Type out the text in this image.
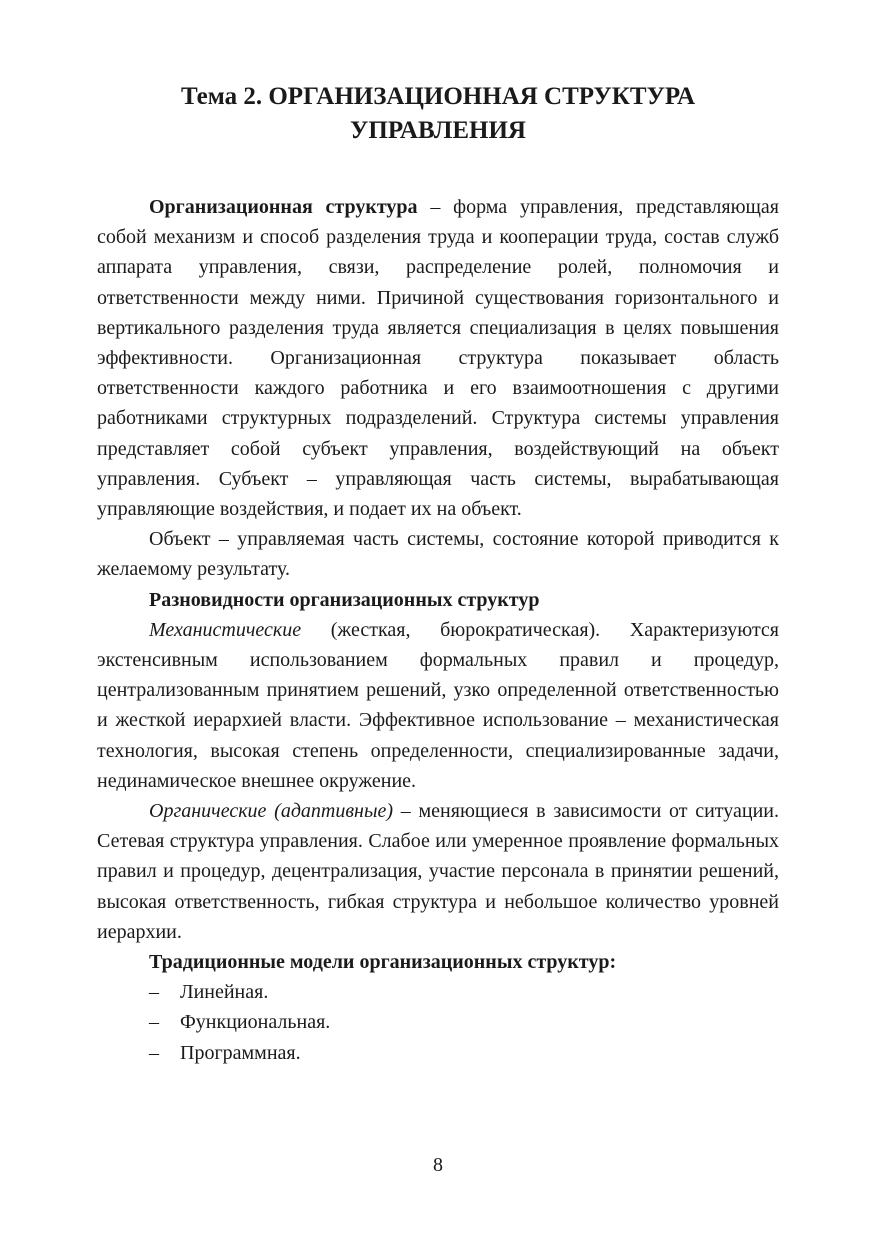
Тема 2. ОРГАНИЗАЦИОННАЯ СТРУКТУРА
УПРАВЛЕНИЯ

Организационная структура – форма управления, представляющая собой механизм и способ разделения труда и кооперации труда, состав служб аппарата управления, связи, распределение ролей, полномочия и ответственности между ними. Причиной существования горизонтального и вертикального разделения труда является специализация в целях повышения эффективности. Организационная структура показывает область ответственности каждого работника и его взаимоотношения с другими работниками структурных подразделений. Структура системы управления представляет собой субъект управления, воздействующий на объект управления. Субъект – управляющая часть системы, вырабатывающая управляющие воздействия, и подает их на объект.

Объект – управляемая часть системы, состояние которой приводится к желаемому результату.

Разновидности организационных структур

Механистические (жесткая, бюрократическая). Характеризуются экстенсивным использованием формальных правил и процедур, централизованным принятием решений, узко определенной ответственностью и жесткой иерархией власти. Эффективное использование – механистическая технология, высокая степень определенности, специализированные задачи, нединамическое внешнее окружение.

Органические (адаптивные) – меняющиеся в зависимости от ситуации. Сетевая структура управления. Слабое или умеренное проявление формальных правил и процедур, децентрализация, участие персонала в принятии решений, высокая ответственность, гибкая структура и небольшое количество уровней иерархии.

Традиционные модели организационных структур:

– Линейная.
– Функциональная.
– Программная.
8
